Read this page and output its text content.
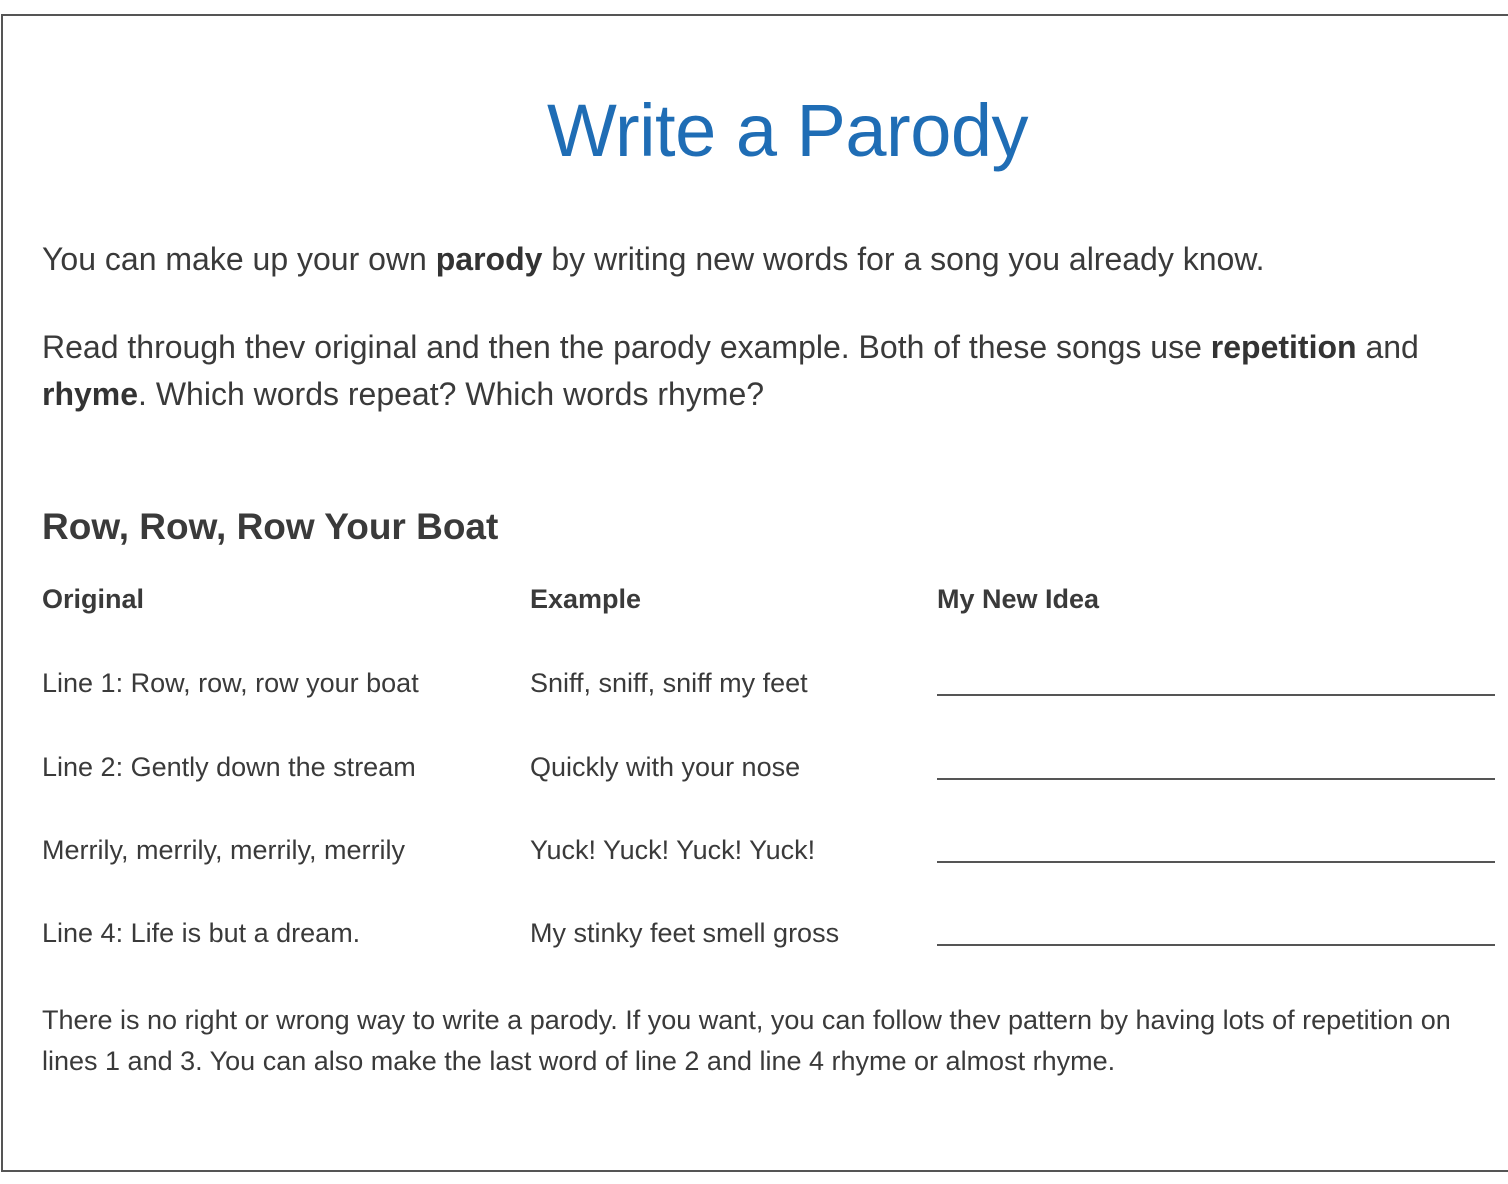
Write a Parody

You can make up your own parody by writing new words for a song you already know.

Read through thev original and then the parody example. Both of these songs use repetition and rhyme. Which words repeat? Which words rhyme?

Row, Row, Row Your Boat
Original	Example	My New Idea
Line 1: Row, row, row your boat	Sniff, sniff, sniff my feet
Line 2: Gently down the stream	Quickly with your nose
Merrily, merrily, merrily, merrily	Yuck! Yuck! Yuck! Yuck!
Line 4: Life is but a dream.	My stinky feet smell gross

There is no right or wrong way to write a parody. If you want, you can follow thev pattern by having lots of repetition on lines 1 and 3. You can also make the last word of line 2 and line 4 rhyme or almost rhyme.
